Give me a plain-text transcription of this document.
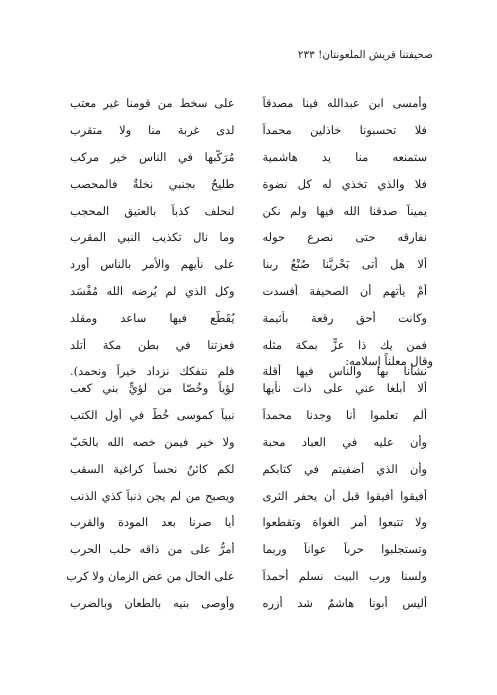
صحيفتنا قريش الملعونتان! ٢٣٣
وأمسى ابن عبدالله فينا مصدقاً
على سخط من قومنا غير معتب
فلا تحسبونا خاذلين محمداً
لدى غربة منا ولا متقرب
ستمنعه منا يد هاشمية
مُرَكَّبها في الناس خير مركب
فلا والذي تخذي له كل نضوة
طليحٌ بجنبي نخلةٌ فالمحصب
يميناً صدقنا الله فيها ولم نكن
لنحلف كذباً بالعتيق المحجب
نفارقه حتى نصرع حوله
وما نال تكذيب النبي المقرب
ألا هل أتى بَحْرِيَّنا صُنْعُ ربنا
على نأيهم والأمر بالناس أورد
أَمْ يأتهم أن الصحيفة أفسدت
وكل الذي لم يُرضه الله مُفْسَد
وكانت أحق رقعة بأثيمة
يُقَطَّع فيها ساعد ومقلد
فمن يك ذا عزٍّ بمكة مثله
فعزتنا في بطن مكة أتلد
نشأنا بها والناس فيها أقلة
فلم ننفكك نزداد خيراً ونحمد).
وقال معلناً إسلامه:
ألا أبلغا عني على ذات نأيها
لؤياً وخُصّا من لؤيٍّ بني كعب
ألم تعلموا أنا وجدنا محمداً
نبياً كموسى خُطَّ في أول الكتب
وأن عليه في العباد محبة
ولا خير فيمن خصه الله بالحَبّ
وأن الذي أضفيتم في كتابكم
لكم كائنٌ نحساً كراغية السقب
أفيقوا أفيقوا قبل أن يحفر الثرى
ويصبح من لم يجن ذنباً كذي الذنب
ولا تتبعوا أمر الغواة وتقطعوا
أيا صرنا بعد المودة والقرب
وتستجلبوا حرباً عواناً وربما
أمرُّ على من ذاقه حلب الحرب
ولسنا ورب البيت نسلم أحمداً
على الحال من عض الزمان ولا كرب
أليس أبونا هاشمٌ شد أزره
وأوصى بنيه بالطعان وبالضرب
